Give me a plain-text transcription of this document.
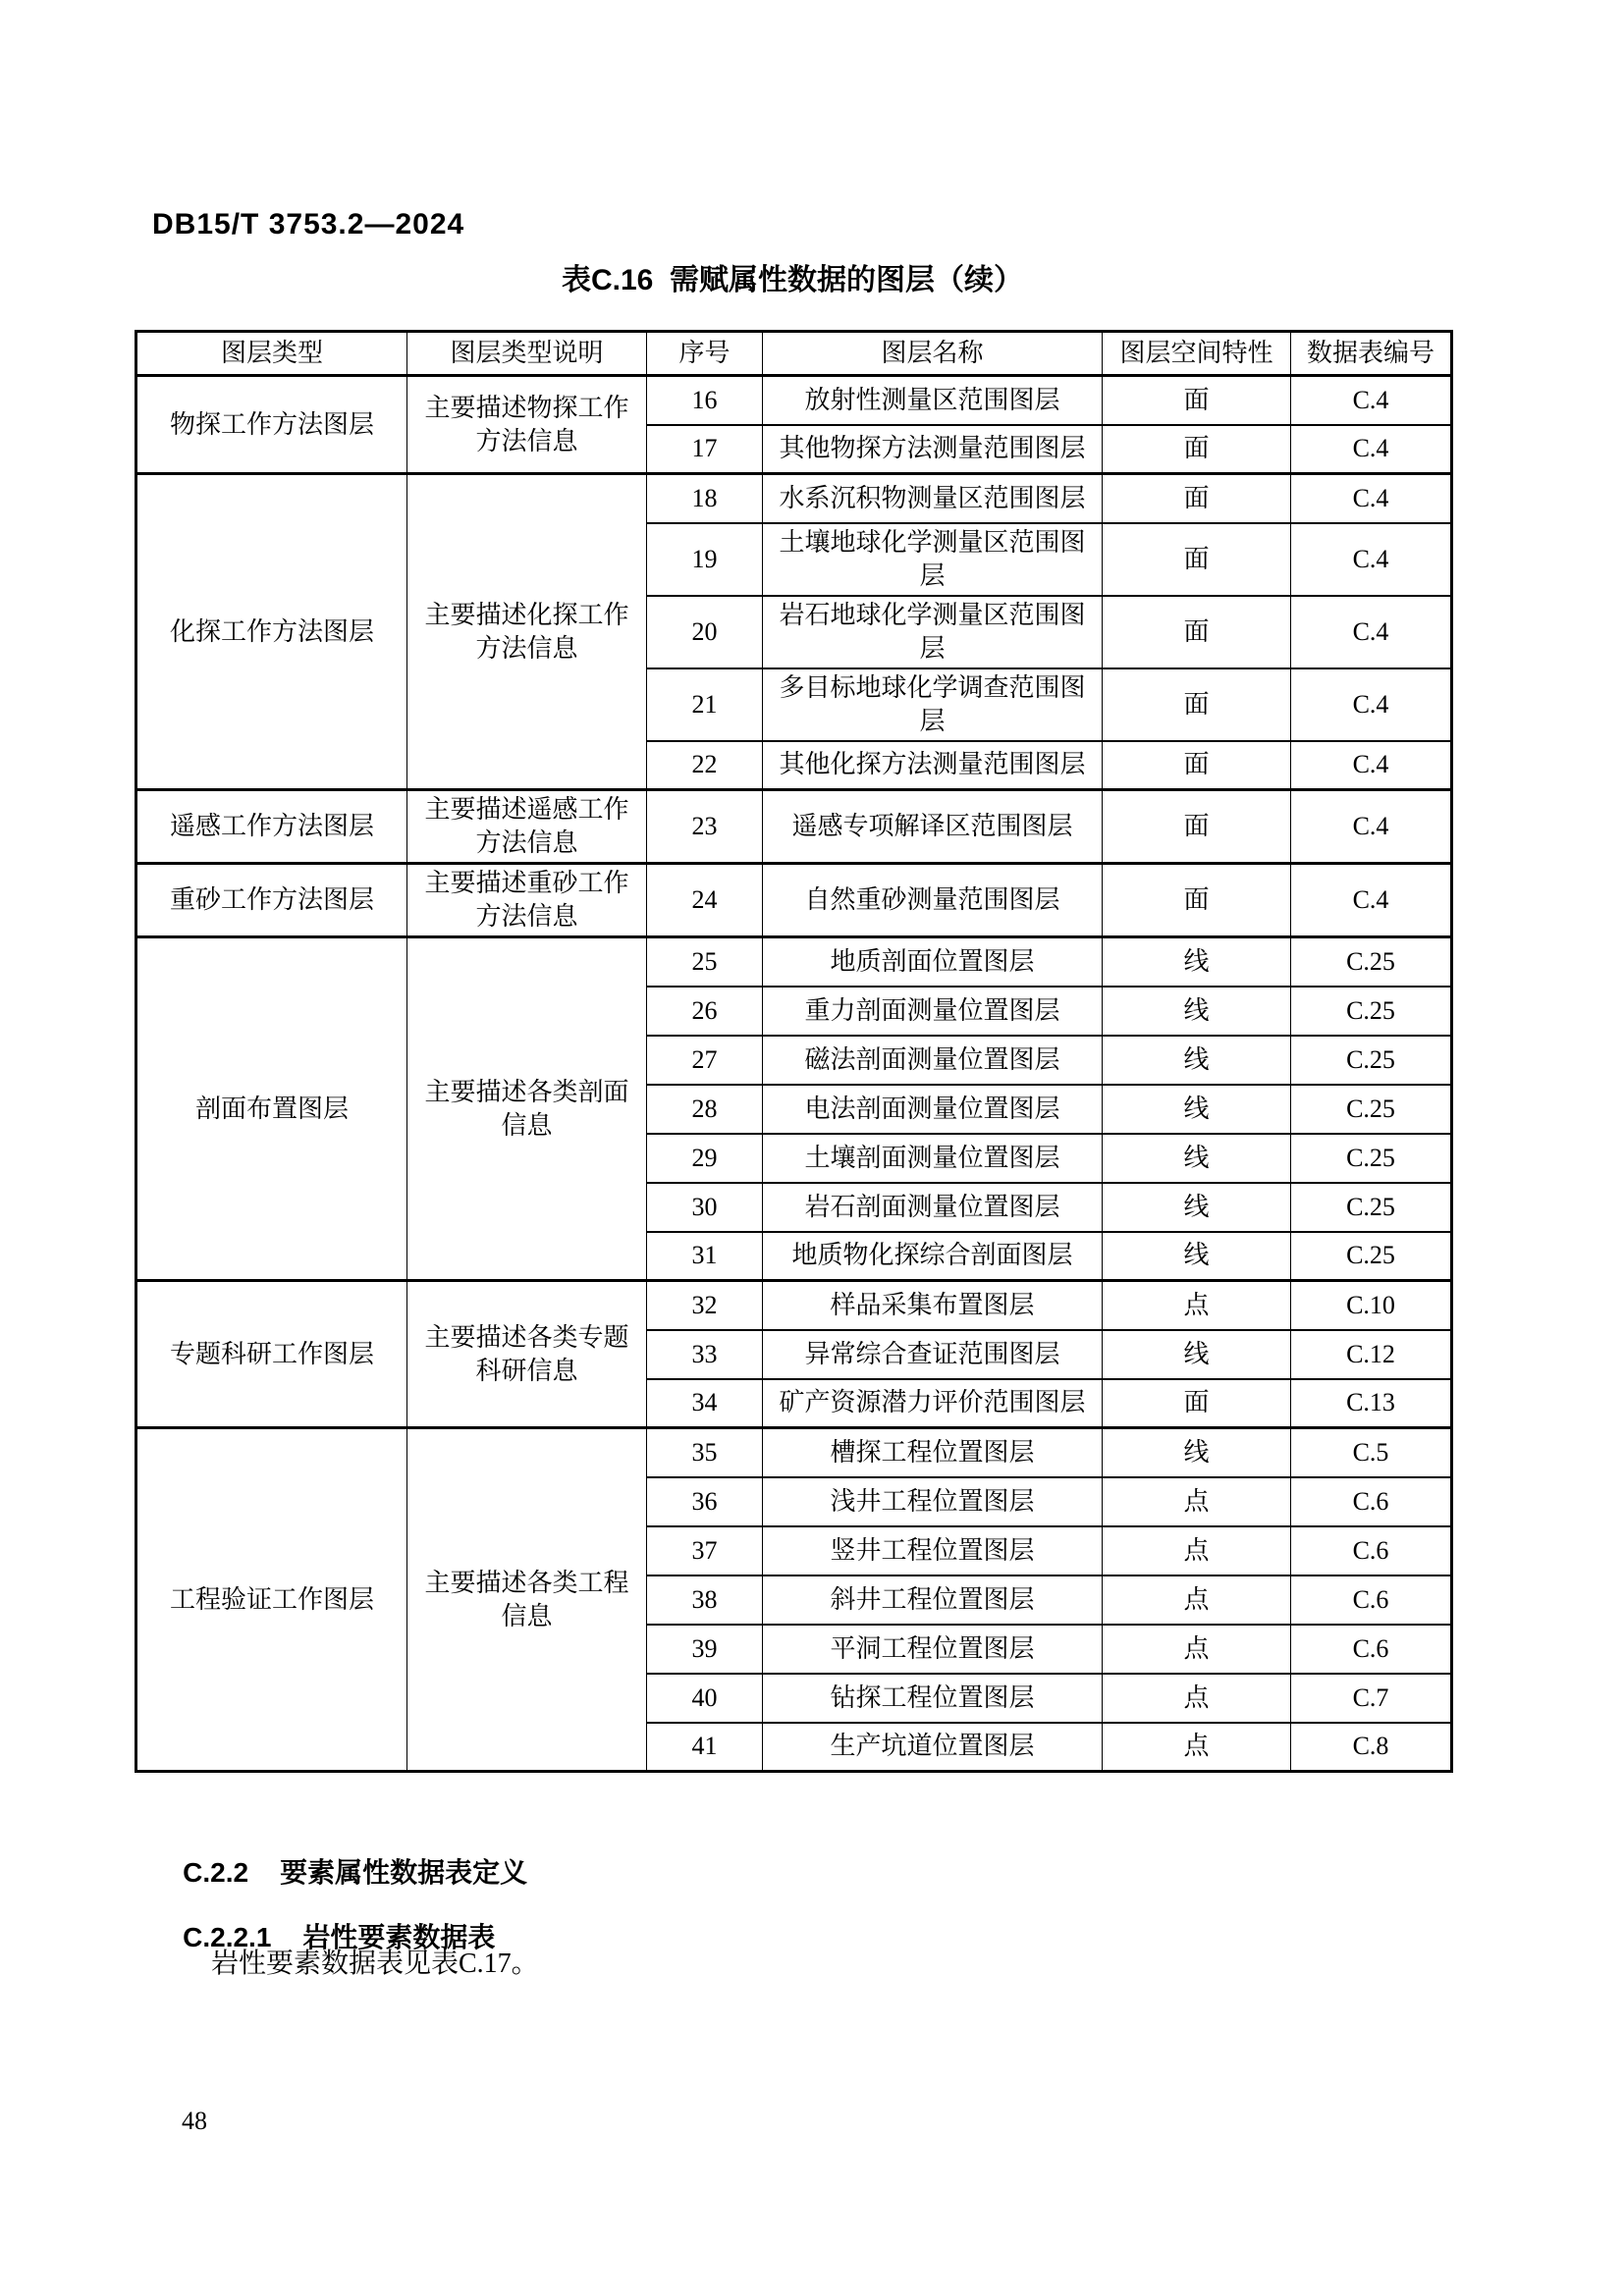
DB15/T 3753.2—2024
表C.16  需赋属性数据的图层（续）
图层类型	图层类型说明	序号	图层名称	图层空间特性	数据表编号
物探工作方法图层	主要描述物探工作方法信息	16	放射性测量区范围图层	面	C.4
		17	其他物探方法测量范围图层	面	C.4
化探工作方法图层	主要描述化探工作方法信息	18	水系沉积物测量区范围图层	面	C.4
		19	土壤地球化学测量区范围图层	面	C.4
		20	岩石地球化学测量区范围图层	面	C.4
		21	多目标地球化学调查范围图层	面	C.4
		22	其他化探方法测量范围图层	面	C.4
遥感工作方法图层	主要描述遥感工作方法信息	23	遥感专项解译区范围图层	面	C.4
重砂工作方法图层	主要描述重砂工作方法信息	24	自然重砂测量范围图层	面	C.4
剖面布置图层	主要描述各类剖面信息	25	地质剖面位置图层	线	C.25
		26	重力剖面测量位置图层	线	C.25
		27	磁法剖面测量位置图层	线	C.25
		28	电法剖面测量位置图层	线	C.25
		29	土壤剖面测量位置图层	线	C.25
		30	岩石剖面测量位置图层	线	C.25
		31	地质物化探综合剖面图层	线	C.25
专题科研工作图层	主要描述各类专题科研信息	32	样品采集布置图层	点	C.10
		33	异常综合查证范围图层	线	C.12
		34	矿产资源潜力评价范围图层	面	C.13
工程验证工作图层	主要描述各类工程信息	35	槽探工程位置图层	线	C.5
		36	浅井工程位置图层	点	C.6
		37	竖井工程位置图层	点	C.6
		38	斜井工程位置图层	点	C.6
		39	平洞工程位置图层	点	C.6
		40	钻探工程位置图层	点	C.7
		41	生产坑道位置图层	点	C.8

C.2.2 要素属性数据表定义

C.2.2.1 岩性要素数据表

岩性要素数据表见表C.17。

48
